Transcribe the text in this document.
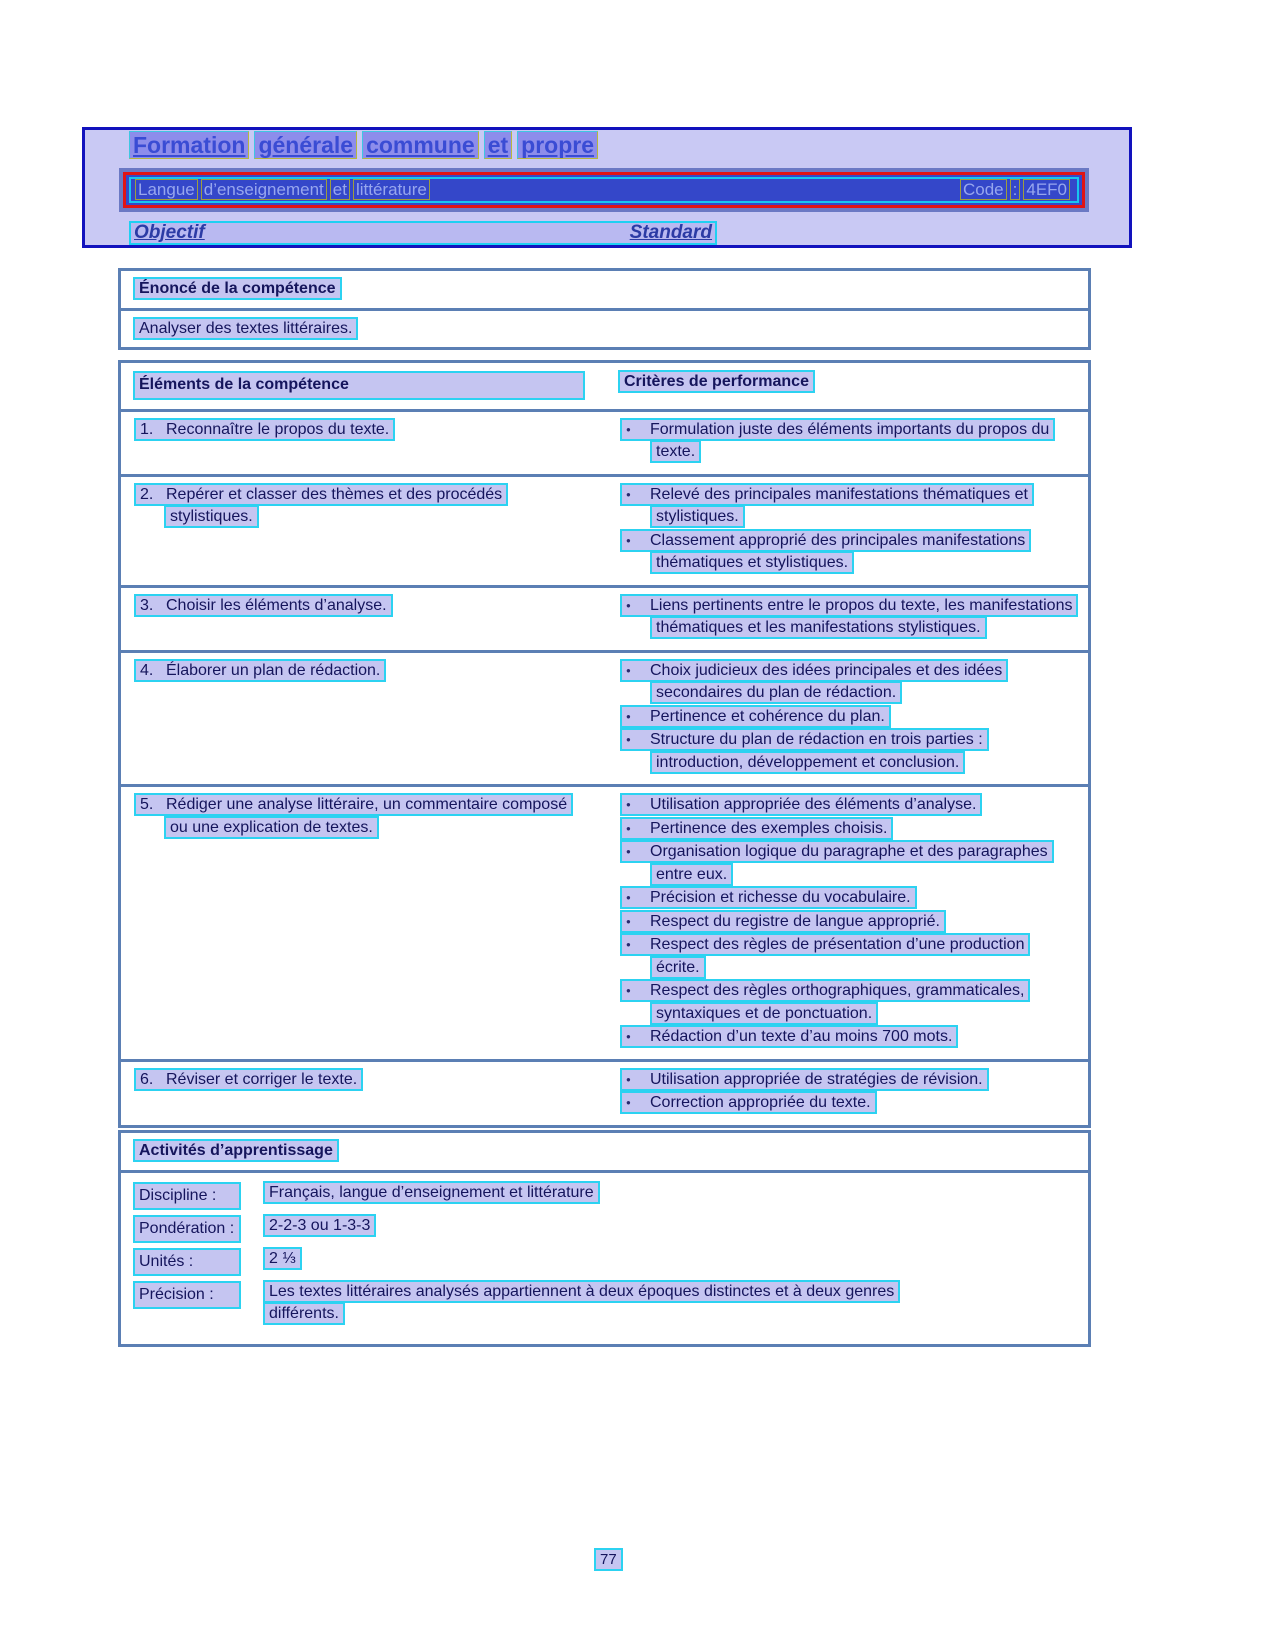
Formation générale commune et propre
Langue d’enseignement et littérature	Code : 4EF0
Objectif	Standard
Énoncé de la compétence
Analyser des textes littéraires.
Éléments de la compétence	Critères de performance
1. Reconnaître le propos du texte. ●	Formulation juste des éléments importants du propos du texte.
2. Repérer et classer des thèmes et des procédés stylistiques.
●Relevé des principales manifestations thématiques et stylistiques.
●Classement approprié des principales manifestations thématiques et stylistiques.
3. Choisir les éléments d’analyse. ●	Liens pertinents entre le propos du texte, les manifestations thématiques et les manifestations stylistiques.
4. Élaborer un plan de rédaction. ●	Choix judicieux des idées principales et des idées secondaires du plan de rédaction.
●Pertinence et cohérence du plan.
●Structure du plan de rédaction en trois parties : introduction, développement et conclusion.
5. Rédiger une analyse littéraire, un commentaire composé ou une explication de textes.
●Utilisation appropriée des éléments d’analyse.
●Pertinence des exemples choisis.
●Organisation logique du paragraphe et des paragraphes entre eux.
●Précision et richesse du vocabulaire.
●Respect du registre de langue approprié.
●Respect des règles de présentation d’une production écrite.
●Respect des règles orthographiques, grammaticales, syntaxiques et de ponctuation.
●Rédaction d’un texte d’au moins 700 mots.
6. Réviser et corriger le texte. ●	Utilisation appropriée de stratégies de révision.
●Correction appropriée du texte.
Activités d’apprentissage
Discipline :	Français, langue d’enseignement et littérature
Pondération :	2-2-3 ou 1-3-3
Unités :	2 ⅓
Précision :	Les textes littéraires analysés appartiennent à deux époques distinctes et à deux genres différents.
77
